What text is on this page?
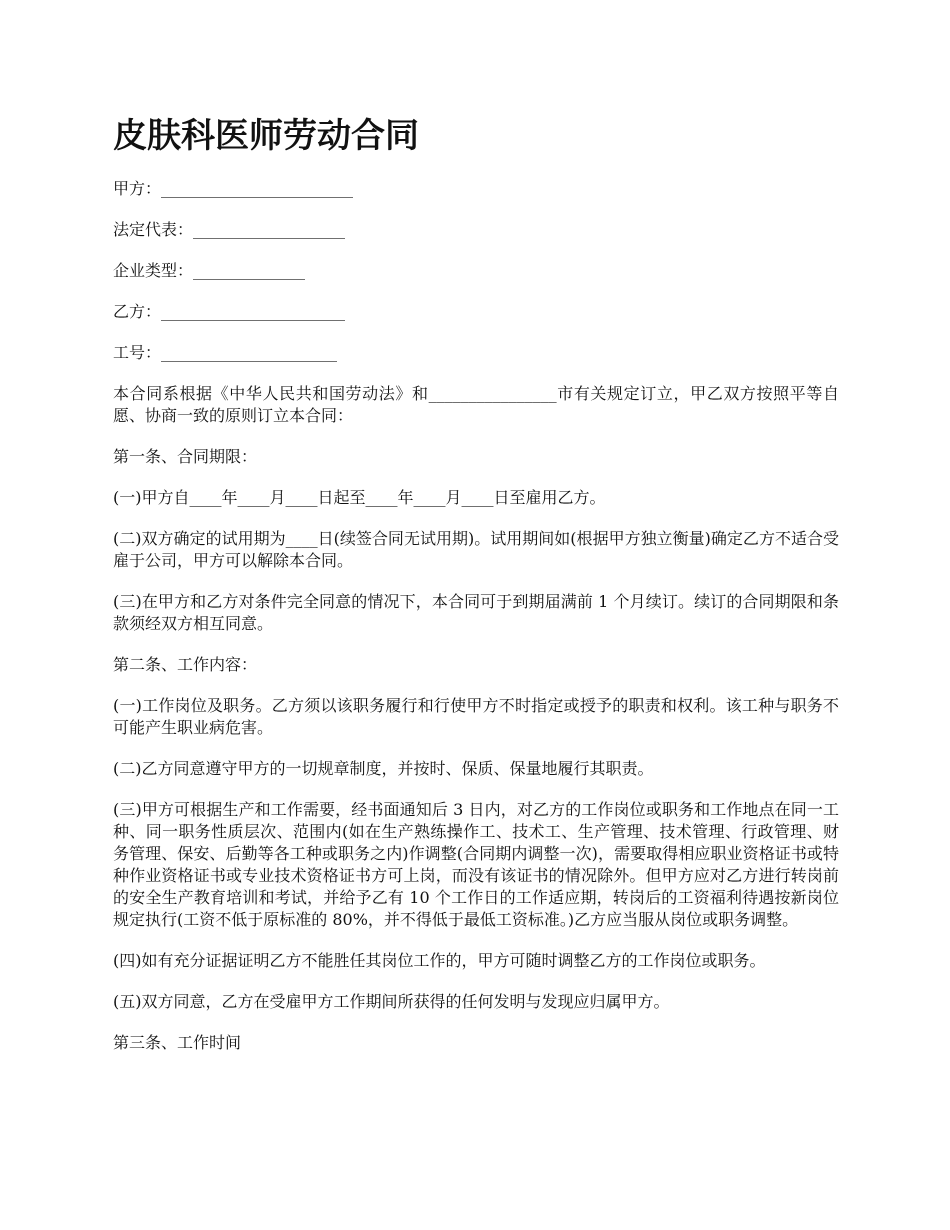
皮肤科医师劳动合同
甲方：________________________
法定代表：___________________
企业类型：______________
乙方：_______________________
工号：______________________

本合同系根据《中华人民共和国劳动法》和________________市有关规定订立，甲乙双方按照平等自愿、协商一致的原则订立本合同：

第一条、合同期限：

(一)甲方自____年____月____日起至____年____月____日至雇用乙方。

(二)双方确定的试用期为____日(续签合同无试用期)。试用期间如(根据甲方独立衡量)确定乙方不适合受雇于公司，甲方可以解除本合同。

(三)在甲方和乙方对条件完全同意的情况下，本合同可于到期届满前 1 个月续订。续订的合同期限和条款须经双方相互同意。

第二条、工作内容：

(一)工作岗位及职务。乙方须以该职务履行和行使甲方不时指定或授予的职责和权利。该工种与职务不可能产生职业病危害。

(二)乙方同意遵守甲方的一切规章制度，并按时、保质、保量地履行其职责。

(三)甲方可根据生产和工作需要，经书面通知后 3 日内，对乙方的工作岗位或职务和工作地点在同一工种、同一职务性质层次、范围内(如在生产熟练操作工、技术工、生产管理、技术管理、行政管理、财务管理、保安、后勤等各工种或职务之内)作调整(合同期内调整一次)，需要取得相应职业资格证书或特种作业资格证书或专业技术资格证书方可上岗，而没有该证书的情况除外。但甲方应对乙方进行转岗前的安全生产教育培训和考试，并给予乙有 10 个工作日的工作适应期，转岗后的工资福利待遇按新岗位规定执行(工资不低于原标准的 80%，并不得低于最低工资标准。)乙方应当服从岗位或职务调整。

(四)如有充分证据证明乙方不能胜任其岗位工作的，甲方可随时调整乙方的工作岗位或职务。

(五)双方同意，乙方在受雇甲方工作期间所获得的任何发明与发现应归属甲方。

第三条、工作时间
